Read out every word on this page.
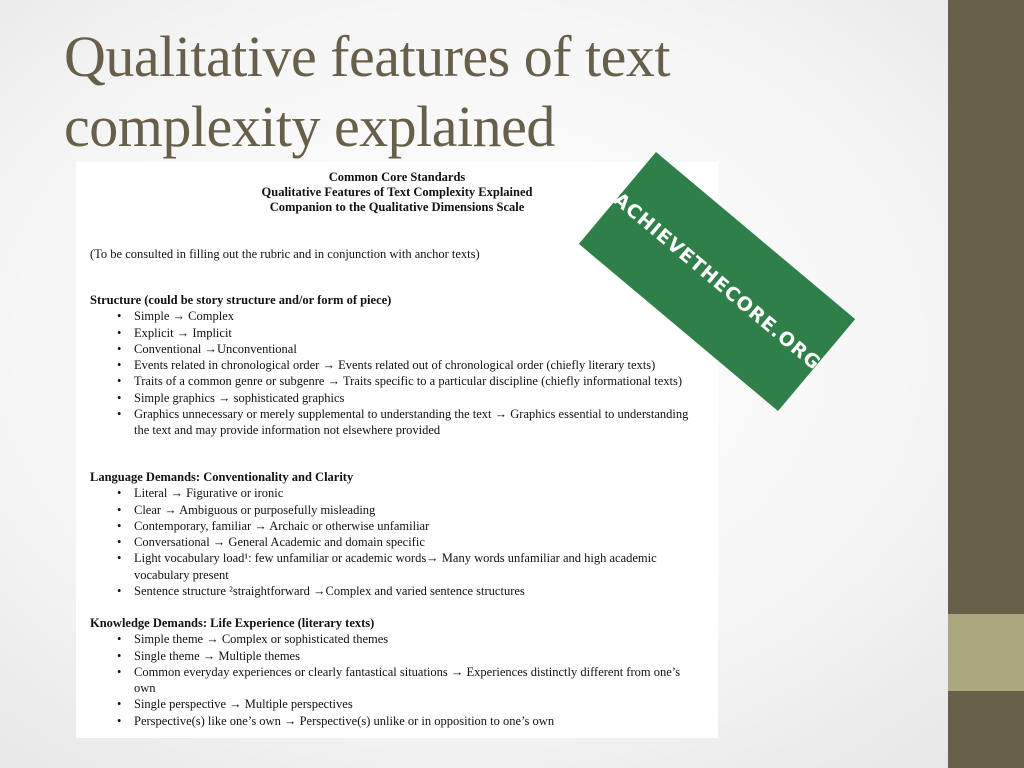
Qualitative features of text
complexity explained
Common Core Standards
Qualitative Features of Text Complexity Explained
Companion to the Qualitative Dimensions Scale
(To be consulted in filling out the rubric and in conjunction with anchor texts)
Structure (could be story structure and/or form of piece)
• Simple → Complex
• Explicit → Implicit
• Conventional →Unconventional
• Events related in chronological order → Events related out of chronological order (chiefly literary texts)
• Traits of a common genre or subgenre → Traits specific to a particular discipline (chiefly informational texts)
• Simple graphics → sophisticated graphics
• Graphics unnecessary or merely supplemental to understanding the text → Graphics essential to understanding the text and may provide information not elsewhere provided
Language Demands: Conventionality and Clarity
• Literal → Figurative or ironic
• Clear → Ambiguous or purposefully misleading
• Contemporary, familiar → Archaic or otherwise unfamiliar
• Conversational → General Academic and domain specific
• Light vocabulary load¹: few unfamiliar or academic words→ Many words unfamiliar and high academic vocabulary present
• Sentence structure ²straightforward →Complex and varied sentence structures
Knowledge Demands: Life Experience (literary texts)
• Simple theme → Complex or sophisticated themes
• Single theme → Multiple themes
• Common everyday experiences or clearly fantastical situations → Experiences distinctly different from one’s own
• Single perspective → Multiple perspectives
• Perspective(s) like one’s own → Perspective(s) unlike or in opposition to one’s own
ACHIEVETHECORE.ORG
